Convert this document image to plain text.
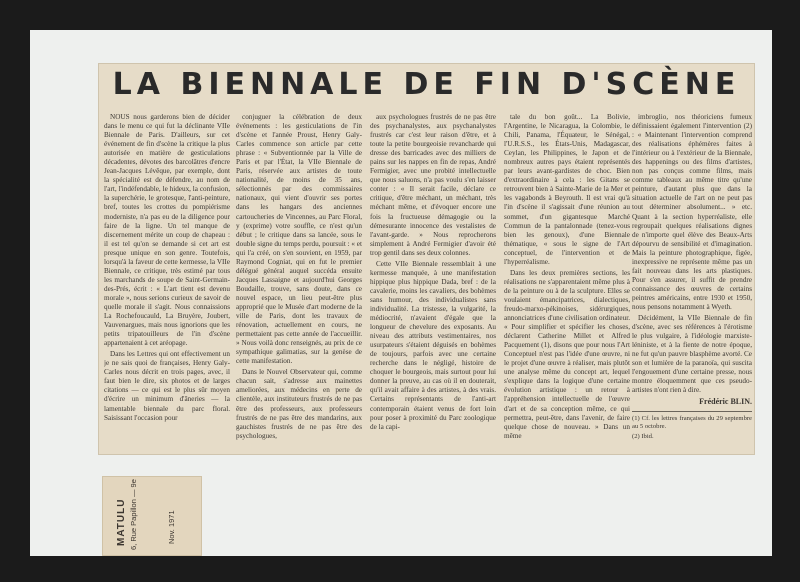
LA BIENNALE DE FIN D'SCÈNE

NOUS nous garderons bien de décider dans le menu ce qui fut la déclinante VIIe Biennale de Paris. D'ailleurs, sur cet événement de fin d'scène la critique la plus autorisée en matière de gesticulations décadentes, dévotes des barcolâtres d'encre Jean-Jacques Lévêque, par exemple, dont la spécialité est de défendre, au nom de l'art, l'indéfendable, le hideux, la confusion, la superchérie, le grotesque, l'anti-peinture, bref, toutes les crottes du pompiérisme moderniste, n'a pas eu de la diligence pour faire de la ligne. Un tel manque de discernement mérite un coup de chapeau : il est tel qu'on se demande si cet art est presque unique en son genre. Toutefois, lorsqu'à la faveur de cette kermesse, la VIIe Biennale, ce critique, très estimé par tous les marchands de soupe de Saint-Germain-des-Prés, écrit : « L'art tient est devenu morale », nous serions curieux de savoir de quelle morale il s'agit. Nous connaissions La Rochefoucauld, La Bruyère, Joubert, Vauvenargues, mais nous ignorions que les petits tripatouilleurs de l'in d'scène appartenaient à cet aréopage.

Dans les Lettres qui ont effectivement un je ne sais quoi de françaises, Henry Galy-Carles nous décrit en trois pages, avec, il faut bien le dire, six photos et de larges citations — ce qui est le plus sûr moyen d'écrire un minimum d'âneries — la lamentable biennale du parc floral. Saisissant l'occasion pour

conjuguer la célébration de deux événements : les gesticulations de l'in d'scène et l'année Proust, Henry Galy-Carles commence son article par cette phrase : « Subventionnée par la Ville de Paris et par l'État, la VIIe Biennale de Paris, réservée aux artistes de toute nationalité, de moins de 35 ans, sélectionnés par des commissaires nationaux, qui vient d'ouvrir ses portes dans les hangars des anciennes cartoucheries de Vincennes, au Parc Floral, y (exprime) votre souffle, ce n'est qu'un début ; le critique dans sa lancée, sous le double signe du temps perdu, poursuit : « et qui l'a créé, on s'en souvient, en 1959, par Raymond Cogniat, qui en fut le premier délégué général auquel succéda ensuite Jacques Lassaigne et aujourd'hui Georges Boudaille, trouve, sans doute, dans ce nouvel espace, un lieu peut-être plus approprié que le Musée d'art moderne de la ville de Paris, dont les travaux de rénovation, actuellement en cours, ne permettaient pas cette année de l'accueillir. » Nous voilà donc renseignés, au prix de ce sympathique galimatias, sur la genèse de cette manifestation.

Dans le Nouvel Observateur qui, comme chacun sait, s'adresse aux mainettes ameliorées, aux médecins en perte de clientèle, aux instituteurs frustrés de ne pas être des professeurs, aux professeurs frustrés de ne pas être des mandarins, aux gauchistes frustrés de ne pas être des psychologues,

aux psychologues frustrés de ne pas être des psychanalystes, aux psychanalystes frustrés car c'est leur raison d'être, et à toute la petite bourgeoisie revancharde qui dresse des barricades avec des milliers de pains sur les nappes en fin de repas, André Fermigier, avec une probité intellectuelle que nous saluons, n'a pas voulu s'en laisser conter : « Il serait facile, déclare ce critique, d'être méchant, un méchant, très méchant même, et d'évoquer encore une fois la fructueuse démagogie ou la démesurante innocence des vestalistes de l'avant-garde. » Nous reprocherons simplement à André Fermigier d'avoir été trop gentil dans ses deux colonnes.

Cette VIIe Biennale ressemblait à une kermesse manquée, à une manifestation hippique plus hippique Dada, bref : de la cavalerie, moins les cavaliers, des bohèmes sans humour, des individualistes sans individualité. La tristesse, la vulgarité, la médiocrité, n'avaient d'égale que la longueur de chevelure des exposants. Au niveau des attributs vestimentaires, nos usurpateurs s'étaient déguisés en bohèmes de toujours, parfois avec une certaine recherche dans le négligé, histoire de choquer le bourgeois, mais surtout pour lui donner la preuve, au cas où il en douterait, qu'il avait affaire à des artistes, à des vrais. Certains représentants de l'anti-art contemporain étaient venus de fort loin pour poser à proximité du Parc zoologique de la capi-

tale du bon goût... La Bolivie, l'Argentine, le Nicaragua, la Colombie, le Chili, Panama, l'Équateur, le Sénégal, l'U.R.S.S., les États-Unis, Madagascar, Ceylan, les Philippines, le Japon et de nombreux autres pays étaient représentés par leurs avant-gardistes de choc. Bien d'extraordinaire à cela : les Gitans se retrouvent bien à Sainte-Marie de la Mer et les vagabonds à Beyrouth. Il est vrai qu'à l'in d'scène il s'agissait d'une réunion au sommet, d'un gigantesque Marché Commun de la pantalonnade (tenez-vous bien les genoux), d'une Biennale thématique, « sous le signe de l'Art conceptuel, de l'intervention et de l'hyperréalisme.

Dans les deux premières sections, les réalisations ne s'apparentaient même plus à de la peinture ou à de la sculpture. Elles se voulaient émancipatrices, dialectiques, freudo-marxo-pékinoises, sidérurgiques, annonciatrices d'une civilisation ordinateur. « Pour simplifier et spécifier les choses, déclarent Catherine Millet et Alfred Pacquement (1), disons que pour nous l'Art Conceptuel n'est pas l'idée d'une œuvre, ni le projet d'une œuvre à réaliser, mais plutôt une analyse même du concept art, lequel s'explique dans la logique d'une certaine évolution artistique : un retour à l'appréhension intellectuelle de l'œuvre d'art et de sa conception même, ce qui permettra, peut-être, dans l'avenir, de faire quelque chose de nouveau. » Dans un même

imbroglio, nos théoriciens fumeux définissaient également l'intervention (2) : « Maintenant l'intervention comprend des réalisations éphémères faites à l'intérieur ou à l'extérieur de la Biennale, des happenings ou des films d'artistes, non pas conçus comme films, mais comme tableaux au même titre qu'une peinture, d'autant plus que dans la situation actuelle de l'art on ne peut pas tout déterminer absolument... » etc. Quant à la section hyperréaliste, elle regroupait quelques réalisations dignes de n'importe quel élève des Beaux-Arts dépourvu de sensibilité et d'imagination. Mais la peinture photographique, figée, inexpressive ne représente même pas un fait nouveau dans les arts plastiques. Pour s'en assurer, il suffit de prendre connaissance des œuvres de certains peintres américains, entre 1930 et 1950, nous pensons notamment à Wyeth.

Décidément, la VIIe Biennale de fin d'scène, avec ses références à l'érotisme le plus vulgaire, à l'idéologie marxiste-léniniste, et à la fiente de notre époque, ne fut qu'un pauvre blasphème avorté. Ce son et lumière de la paranoïa, qui suscita l'engouement d'une certaine presse, nous montre éloquemment que ces pseudo-artistes n'ont rien à dire.

Frédéric BLIN.

(1) Cf. les lettres françaises du 29 septembre au 5 octobre.

(2) Ibid.

MATULU 6, Rue Papillon — 9e	Nov. 1971
